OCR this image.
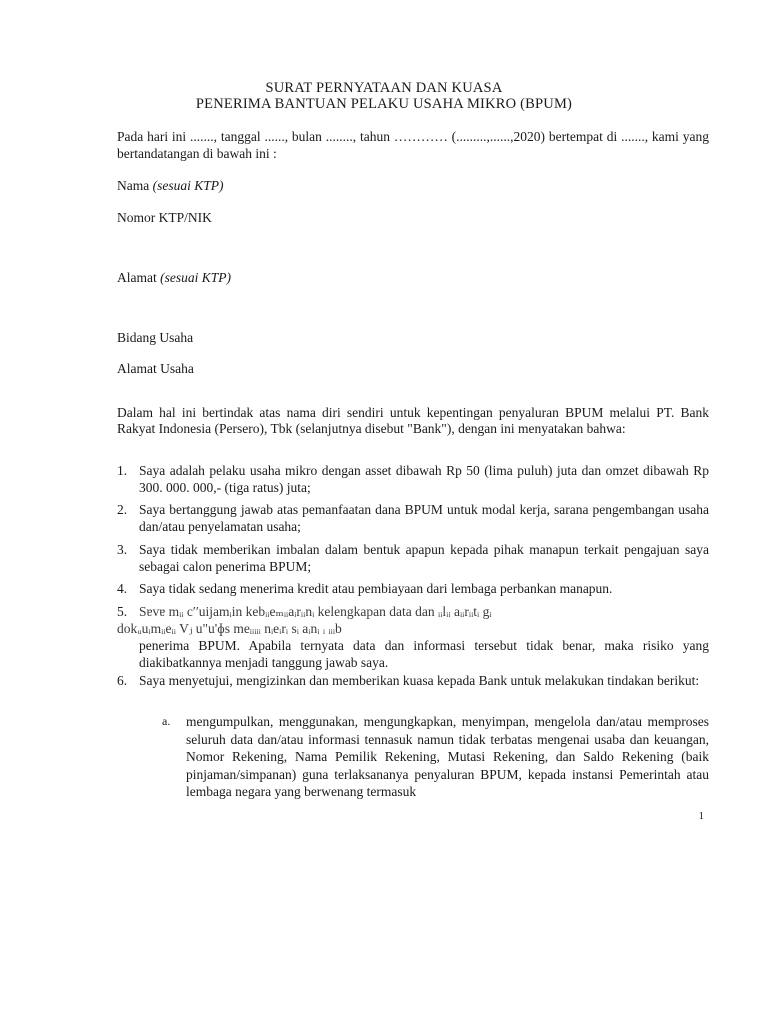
SURAT PERNYATAAN DAN KUASA
PENERIMA BANTUAN PELAKU USAHA MIKRO (BPUM)
Pada hari ini ......., tanggal ......, bulan ........, tahun ………… (.........,......,2020) bertempat di ......., kami yang bertandatangan di bawah ini :
Nama (sesuai KTP)
Nomor KTP/NIK
Alamat (sesuai KTP)
Bidang Usaha
Alamat Usaha
Dalam hal ini bertindak atas nama diri sendiri untuk kepentingan penyaluran BPUM melalui PT. Bank Rakyat Indonesia (Persero), Tbk (selanjutnya disebut "Bank"), dengan ini menyatakan bahwa:
1. Saya adalah pelaku usaha mikro dengan asset dibawah Rp 50 (lima puluh) juta dan omzet dibawah Rp 300. 000. 000,- (tiga ratus) juta;
2. Saya bertanggung jawab atas pemanfaatan dana BPUM untuk modal kerja, sarana pengembangan usaha dan/atau penyelamatan usaha;
3. Saya tidak memberikan imbalan dalam bentuk apapun kepada pihak manapun terkait pengajuan saya sebagai calon penerima BPUM;
4. Saya tidak sedang menerima kredit atau pembiayaan dari lembaga perbankan manapun.
5. Sɐvɐ mᵢᵢ c′′uijamᵢin kebᵢᵢeₘᵢᵢaᵢrᵢᵢnᵢ kelengkapan data dan ᵢᵢlᵢᵢ aᵢᵢrᵢᵢtᵢ gᵢ
dokᵤuᵢmᵢᵢeᵢᵢ Vⱼ u"u'ɸs meᵢᵢᵢᵢᵢ nᵢeᵢrᵢ sᵢ aᵢnᵢ ᵢ ᵢᵢᵢb
penerima BPUM. Apabila ternyata data dan informasi tersebut tidak benar, maka risiko yang diakibatkannya menjadi tanggung jawab saya.
6. Saya menyetujui, mengizinkan dan memberikan kuasa kepada Bank untuk melakukan tindakan berikut:
a.	mengumpulkan, menggunakan, mengungkapkan, menyimpan, mengelola dan/atau memproses seluruh data dan/atau informasi tennasuk namun tidak terbatas mengenai usaba dan keuangan, Nomor Rekening, Nama Pemilik Rekening, Mutasi Rekening, dan Saldo Rekening (baik pinjaman/simpanan) guna terlaksananya penyaluran BPUM, kepada instansi Pemerintah atau lembaga negara yang berwenang termasuk
1
